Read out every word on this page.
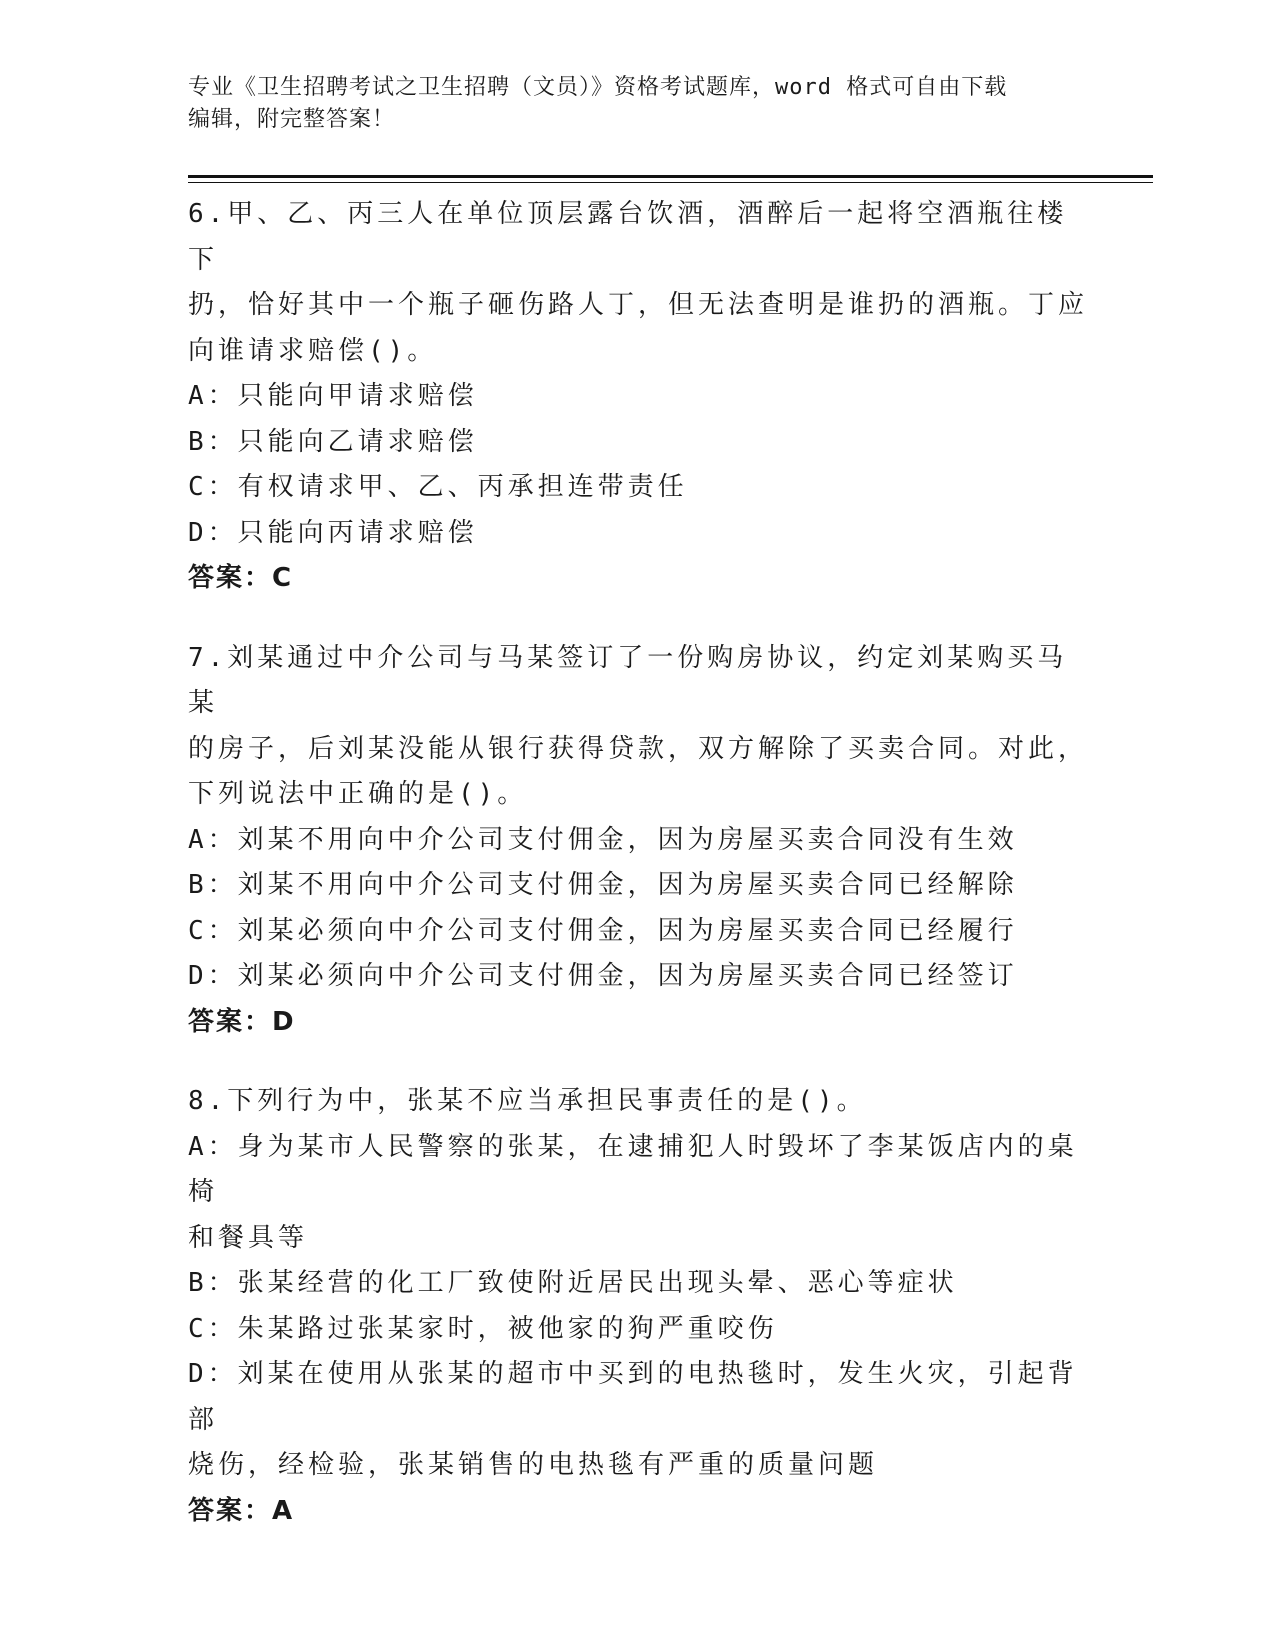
专业《卫生招聘考试之卫生招聘（文员）》资格考试题库，word 格式可自由下载
编辑，附完整答案！
6.甲、乙、丙三人在单位顶层露台饮酒，酒醉后一起将空酒瓶往楼下
扔，恰好其中一个瓶子砸伤路人丁，但无法查明是谁扔的酒瓶。丁应
向谁请求赔偿()。
A：只能向甲请求赔偿
B：只能向乙请求赔偿
C：有权请求甲、乙、丙承担连带责任
D：只能向丙请求赔偿
答案：C
7.刘某通过中介公司与马某签订了一份购房协议，约定刘某购买马某
的房子，后刘某没能从银行获得贷款，双方解除了买卖合同。对此，
下列说法中正确的是()。
A：刘某不用向中介公司支付佣金，因为房屋买卖合同没有生效
B：刘某不用向中介公司支付佣金，因为房屋买卖合同已经解除
C：刘某必须向中介公司支付佣金，因为房屋买卖合同已经履行
D：刘某必须向中介公司支付佣金，因为房屋买卖合同已经签订
答案：D
8.下列行为中，张某不应当承担民事责任的是()。
A：身为某市人民警察的张某，在逮捕犯人时毁坏了李某饭店内的桌椅
和餐具等
B：张某经营的化工厂致使附近居民出现头晕、恶心等症状
C：朱某路过张某家时，被他家的狗严重咬伤
D：刘某在使用从张某的超市中买到的电热毯时，发生火灾，引起背部
烧伤，经检验，张某销售的电热毯有严重的质量问题
答案：A
